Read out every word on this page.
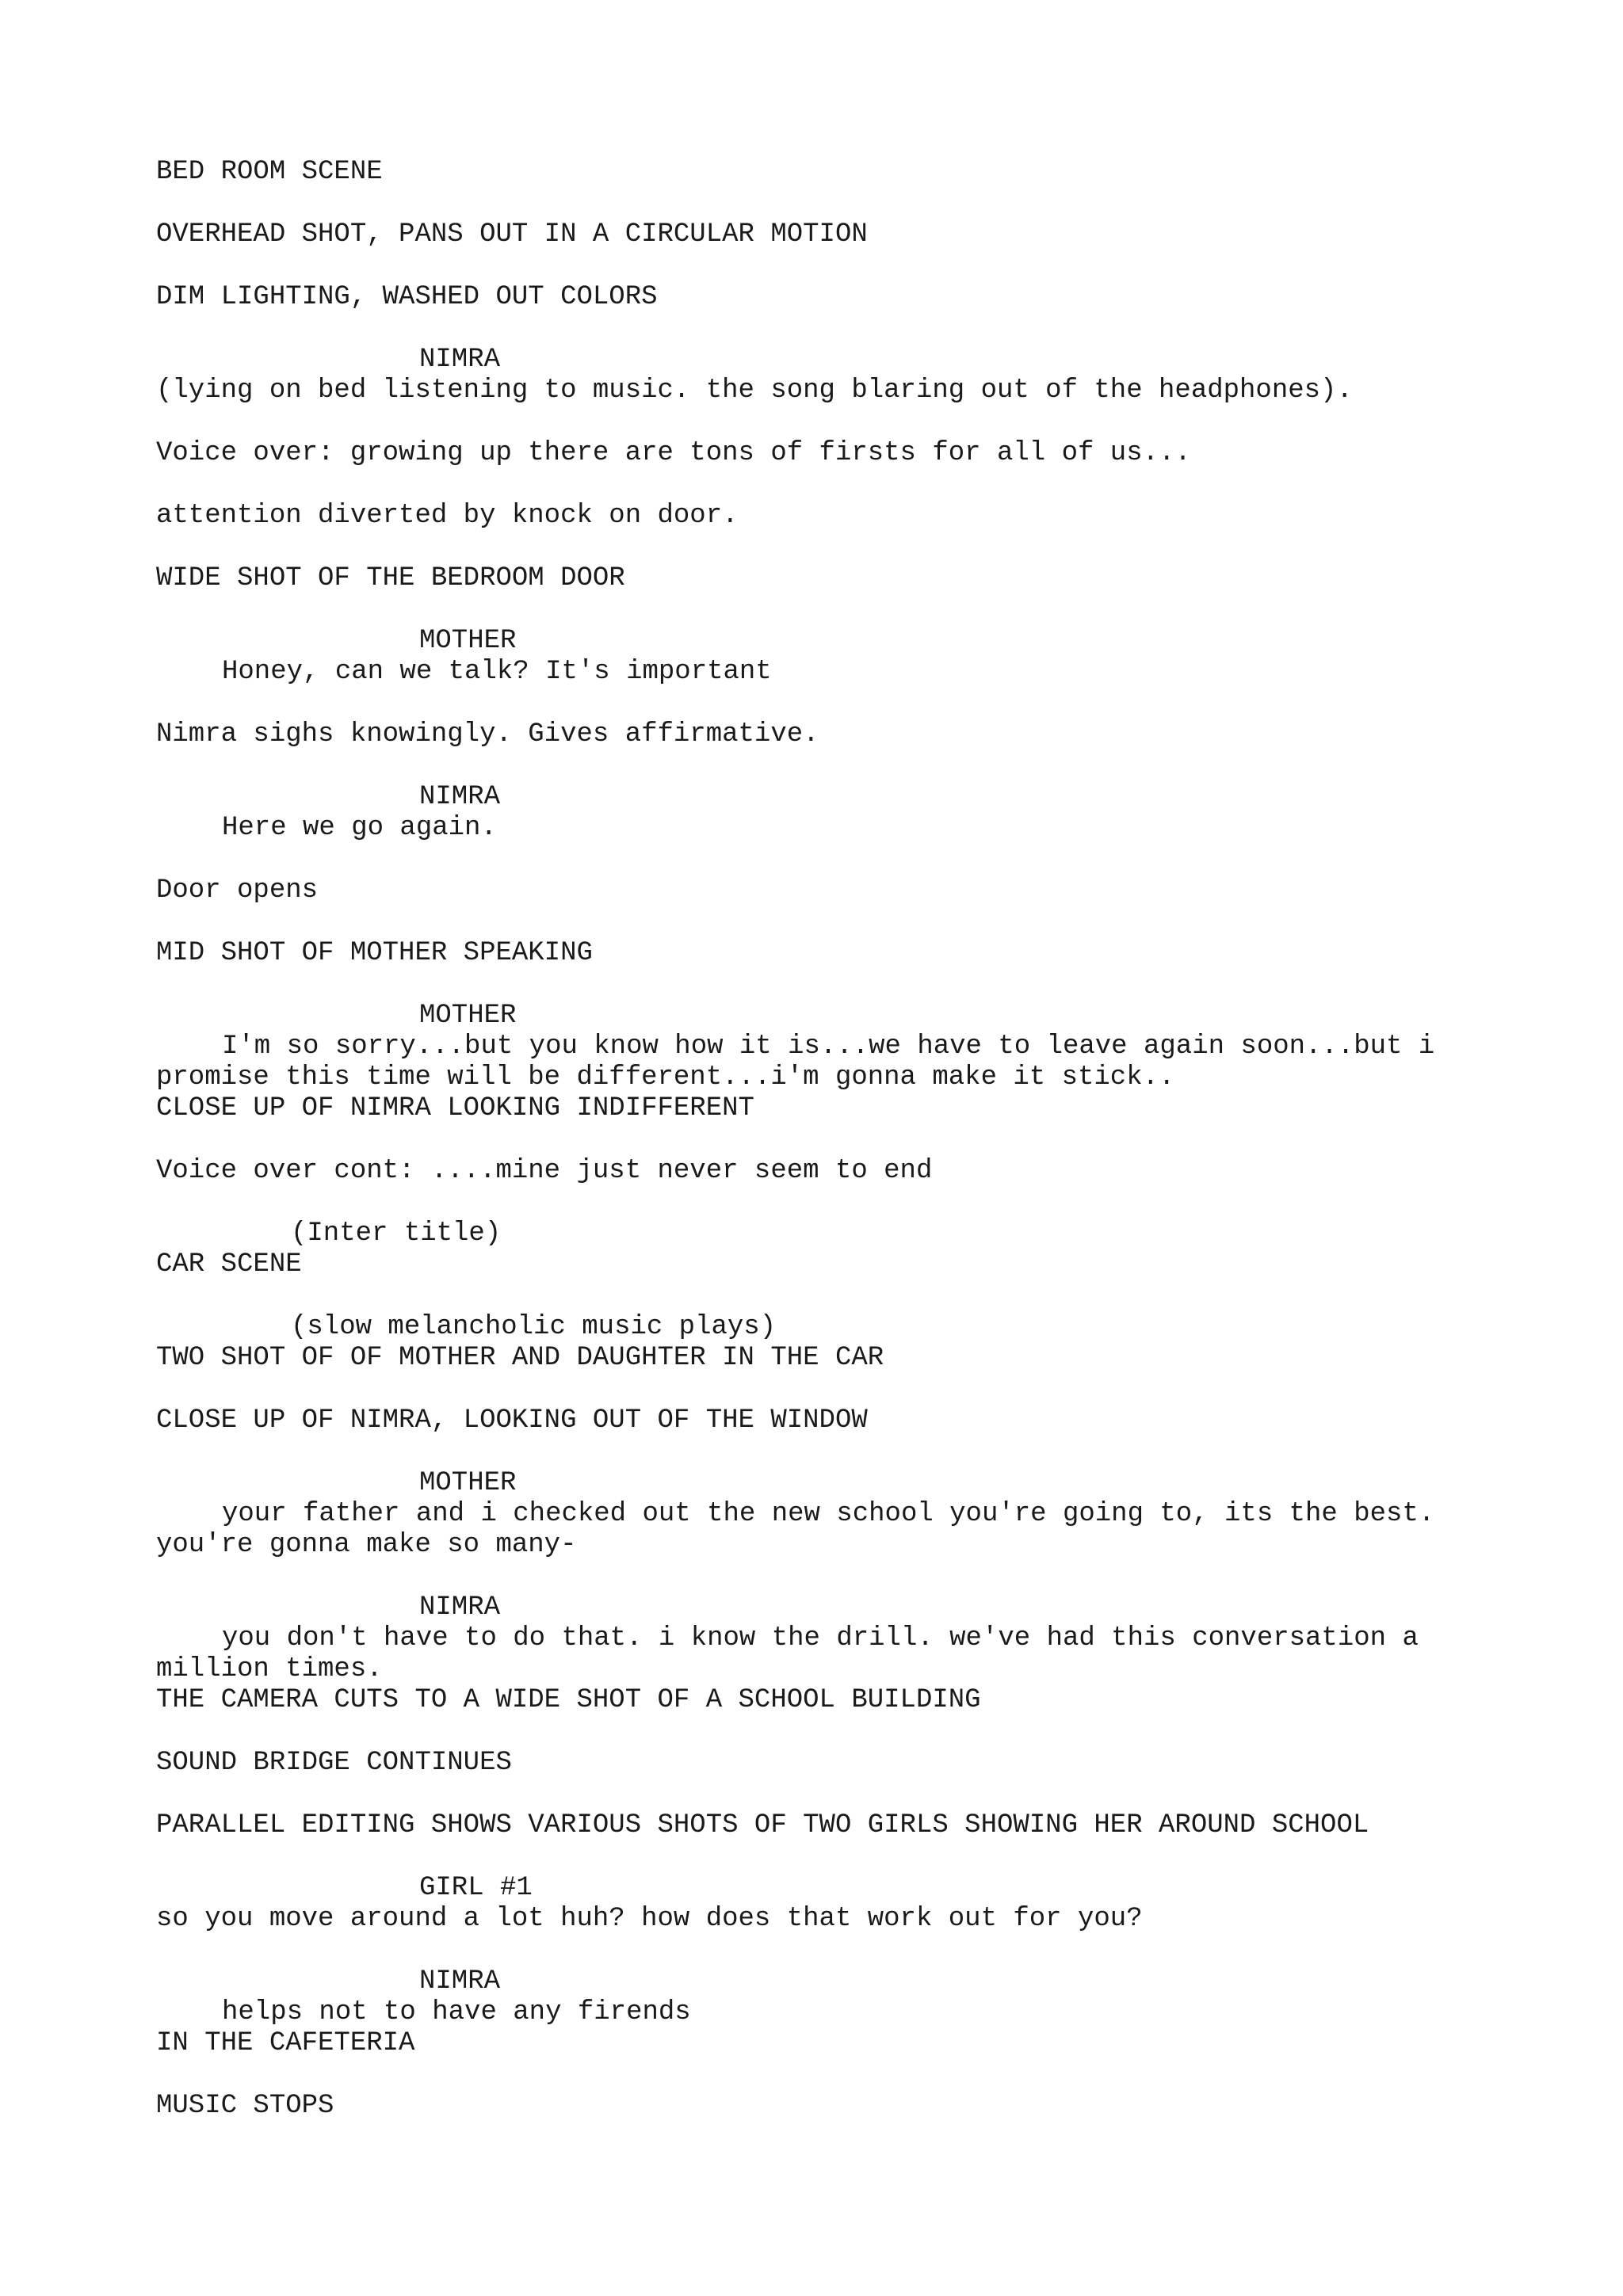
BED ROOM SCENE

OVERHEAD SHOT, PANS OUT IN A CIRCULAR MOTION

DIM LIGHTING, WASHED OUT COLORS

NIMRA

(lying on bed listening to music. the song blaring out of the headphones).

Voice over: growing up there are tons of firsts for all of us...

attention diverted by knock on door.

WIDE SHOT OF THE BEDROOM DOOR

MOTHER

Honey, can we talk? It's important

Nimra sighs knowingly. Gives affirmative.

NIMRA

Here we go again.

Door opens

MID SHOT OF MOTHER SPEAKING

MOTHER

I'm so sorry...but you know how it is...we have to leave again soon...but i

promise this time will be different...i'm gonna make it stick..

CLOSE UP OF NIMRA LOOKING INDIFFERENT

Voice over cont: ....mine just never seem to end

(Inter title)

CAR SCENE

(slow melancholic music plays)

TWO SHOT OF OF MOTHER AND DAUGHTER IN THE CAR

CLOSE UP OF NIMRA, LOOKING OUT OF THE WINDOW

MOTHER

your father and i checked out the new school you're going to, its the best.

you're gonna make so many-

NIMRA

you don't have to do that. i know the drill. we've had this conversation a

million times.

THE CAMERA CUTS TO A WIDE SHOT OF A SCHOOL BUILDING

SOUND BRIDGE CONTINUES

PARALLEL EDITING SHOWS VARIOUS SHOTS OF TWO GIRLS SHOWING HER AROUND SCHOOL

GIRL #1

so you move around a lot huh? how does that work out for you?

NIMRA

helps not to have any firends

IN THE CAFETERIA

MUSIC STOPS
